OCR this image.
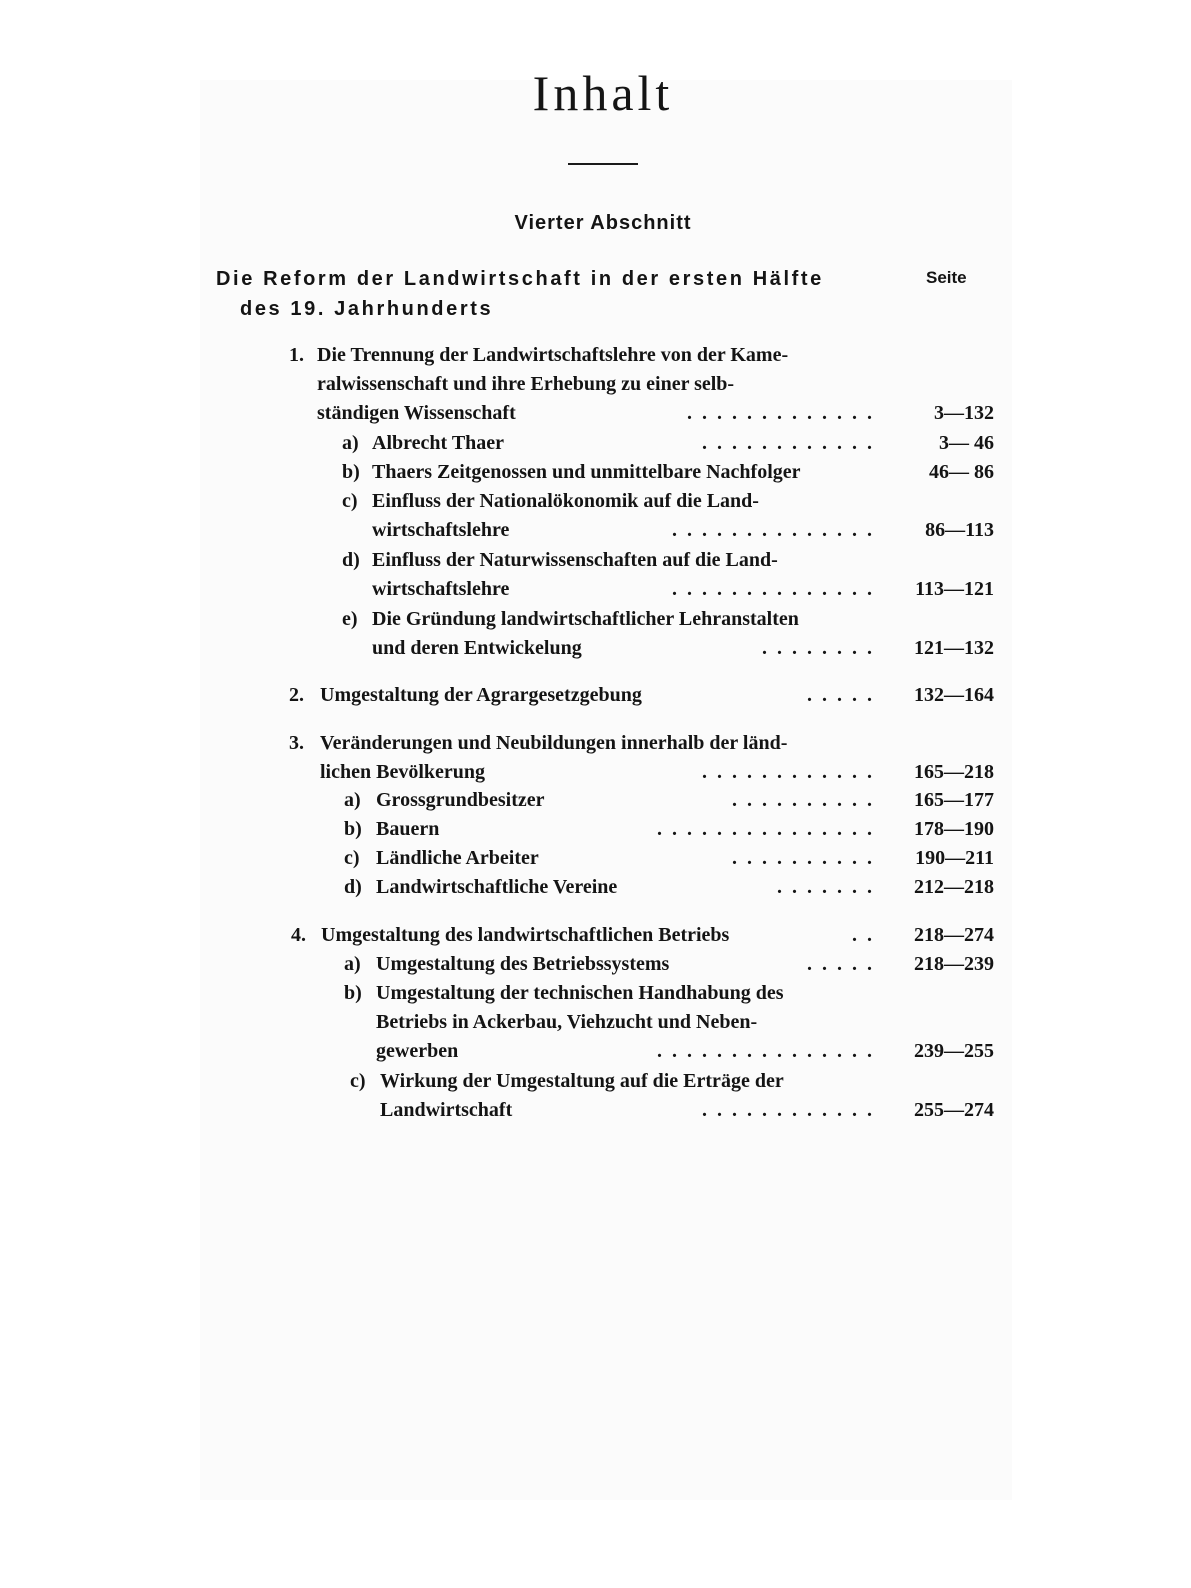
Inhalt
Vierter Abschnitt
Die Reform der Landwirtschaft in der ersten Hälfte
des 19. Jahrhunderts
Seite
1. Die Trennung der Landwirtschaftslehre von der Kame-
ralwissenschaft und ihre Erhebung zu einer selb-
ständigen Wissenschaft	.............	3—132
a) Albrecht Thaer	............	3— 46
b) Thaers Zeitgenossen und unmittelbare Nachfolger	46— 86
c) Einfluss der Nationalökonomik auf die Land-
wirtschaftslehre	.............. 86—113
d) Einfluss der Naturwissenschaften auf die Land-
wirtschaftslehre	.............. 113—121
e) Die Gründung landwirtschaftlicher Lehranstalten
und deren Entwickelung	........ 121—132
2. Umgestaltung der Agrargesetzgebung	..... 132—164
3. Veränderungen und Neubildungen innerhalb der länd-
lichen Bevölkerung	............ 165—218
a) Grossgrundbesitzer	.......... 165—177
b) Bauern	............... 178—190
c) Ländliche Arbeiter	.......... 190—211
d) Landwirtschaftliche Vereine	....... 212—218
4. Umgestaltung des landwirtschaftlichen Betriebs	.. 218—274
a) Umgestaltung des Betriebssystems	..... 218—239
b) Umgestaltung der technischen Handhabung des
Betriebs in Ackerbau, Viehzucht und Neben-
gewerben	............... 239—255
c) Wirkung der Umgestaltung auf die Erträge der
Landwirtschaft	............ 255—274
